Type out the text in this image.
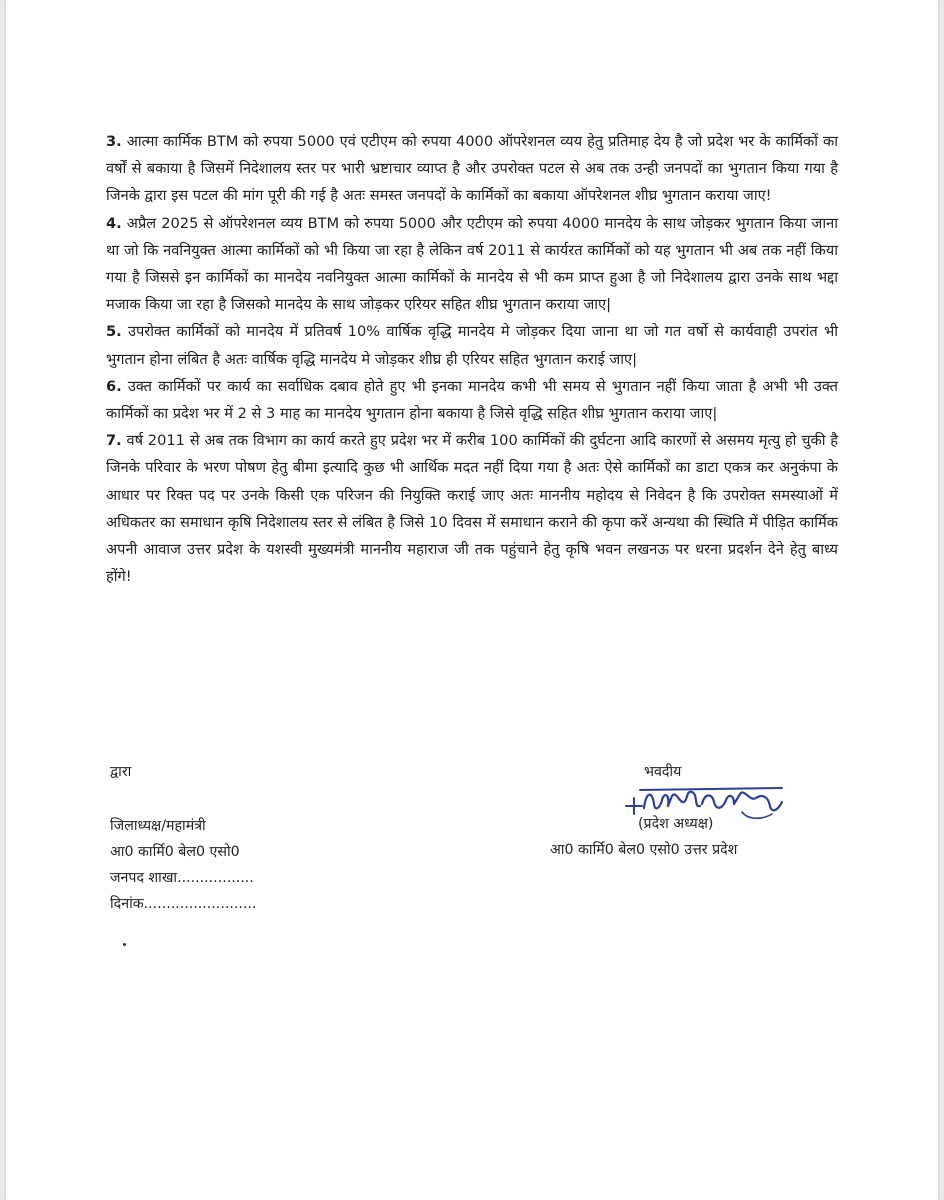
3. आत्मा कार्मिक BTM को रुपया 5000 एवं एटीएम को रुपया 4000 ऑपरेशनल व्यय हेतु प्रतिमाह देय है जो प्रदेश भर के कार्मिकों का वर्षों से बकाया है जिसमें निदेशालय स्तर पर भारी भ्रष्टाचार व्याप्त है और उपरोक्त पटल से अब तक उन्ही जनपदों का भुगतान किया गया है जिनके द्वारा इस पटल की मांग पूरी की गई है अतः समस्त जनपदों के कार्मिकों का बकाया ऑपरेशनल शीघ्र भुगतान कराया जाए!

4. अप्रैल 2025 से ऑपरेशनल व्यय BTM को रुपया 5000 और एटीएम को रुपया 4000 मानदेय के साथ जोड़कर भुगतान किया जाना था जो कि नवनियुक्त आत्मा कार्मिकों को भी किया जा रहा है लेकिन वर्ष 2011 से कार्यरत कार्मिकों को यह भुगतान भी अब तक नहीं किया गया है जिससे इन कार्मिकों का मानदेय नवनियुक्त आत्मा कार्मिकों के मानदेय से भी कम प्राप्त हुआ है जो निदेशालय द्वारा उनके साथ भद्दा मजाक किया जा रहा है जिसको मानदेय के साथ जोड़कर एरियर सहित शीघ्र भुगतान कराया जाए|

5. उपरोक्त कार्मिकों को मानदेय में प्रतिवर्ष 10% वार्षिक वृद्धि मानदेय मे जोड़कर दिया जाना था जो गत वर्षो से कार्यवाही उपरांत भी भुगतान होना लंबित है अतः वार्षिक वृद्धि मानदेय मे जोड़कर शीघ्र ही एरियर सहित भुगतान कराई जाए|

6. उक्त कार्मिकों पर कार्य का सर्वाधिक दबाव होते हुए भी इनका मानदेय कभी भी समय से भुगतान नहीं किया जाता है अभी भी उक्त कार्मिकों का प्रदेश भर में 2 से 3 माह का मानदेय भुगतान होना बकाया है जिसे वृद्धि सहित शीघ्र भुगतान कराया जाए|

7. वर्ष 2011 से अब तक विभाग का कार्य करते हुए प्रदेश भर में करीब 100 कार्मिकों की दुर्घटना आदि कारणों से असमय मृत्यु हो चुकी है जिनके परिवार के भरण पोषण हेतु बीमा इत्यादि कुछ भी आर्थिक मदत नहीं दिया गया है अतः ऐसे कार्मिकों का डाटा एकत्र कर अनुकंपा के आधार पर रिक्त पद पर उनके किसी एक परिजन की नियुक्ति कराई जाए अतः माननीय महोदय से निवेदन है कि उपरोक्त समस्याओं में अधिकतर का समाधान कृषि निदेशालय स्तर से लंबित है जिसे 10 दिवस में समाधान कराने की कृपा करें अन्यथा की स्थिति में पीड़ित कार्मिक अपनी आवाज उत्तर प्रदेश के यशस्वी मुख्यमंत्री माननीय महाराज जी तक पहुंचाने हेतु कृषि भवन लखनऊ पर धरना प्रदर्शन देने हेतु बाध्य होंगे!

द्वारा
जिलाध्यक्ष/महामंत्री
आ0 कार्मि0 बेल0 एसो0
जनपद शाखा.................
दिनांक.........................
भवदीय
(प्रदेश अध्यक्ष)
आ0 कार्मि0 बेल0 एसो0 उत्तर प्रदेश
